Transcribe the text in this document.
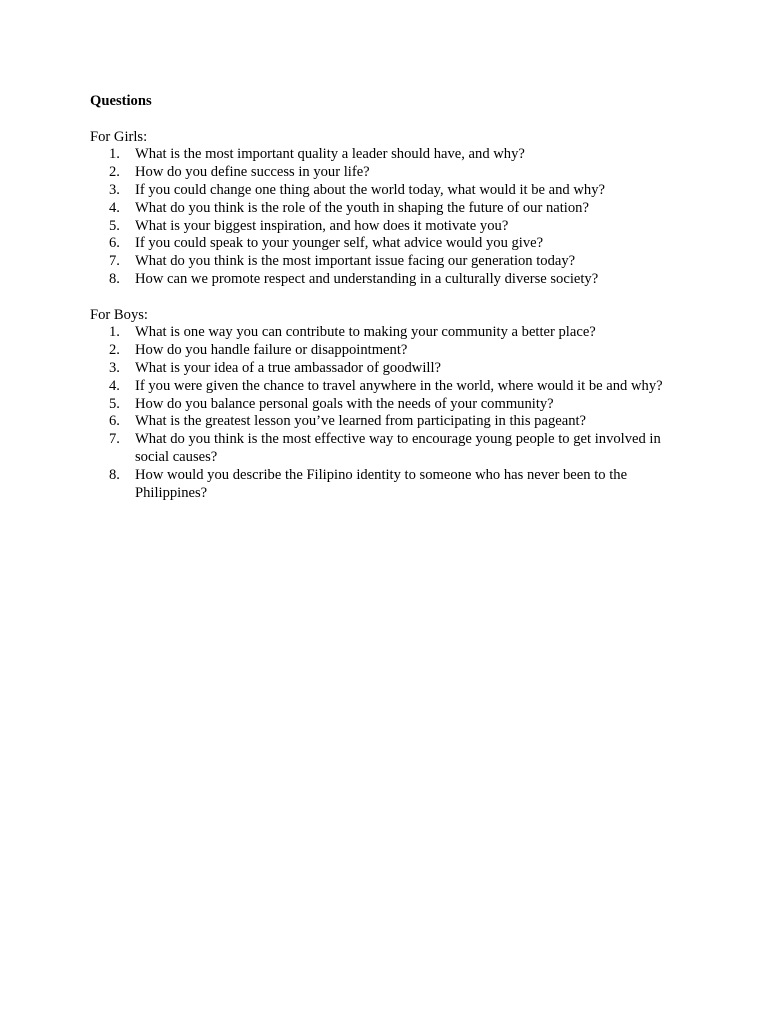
Questions
For Girls:
1.	What is the most important quality a leader should have, and why?
2.	How do you define success in your life?
3.	If you could change one thing about the world today, what would it be and why?
4.	What do you think is the role of the youth in shaping the future of our nation?
5.	What is your biggest inspiration, and how does it motivate you?
6.	If you could speak to your younger self, what advice would you give?
7.	What do you think is the most important issue facing our generation today?
8.	How can we promote respect and understanding in a culturally diverse society?
For Boys:
1.	What is one way you can contribute to making your community a better place?
2.	How do you handle failure or disappointment?
3.	What is your idea of a true ambassador of goodwill?
4.	If you were given the chance to travel anywhere in the world, where would it be and why?
5.	How do you balance personal goals with the needs of your community?
6.	What is the greatest lesson you’ve learned from participating in this pageant?
7.	What do you think is the most effective way to encourage young people to get involved in social causes?
8.	How would you describe the Filipino identity to someone who has never been to the Philippines?
